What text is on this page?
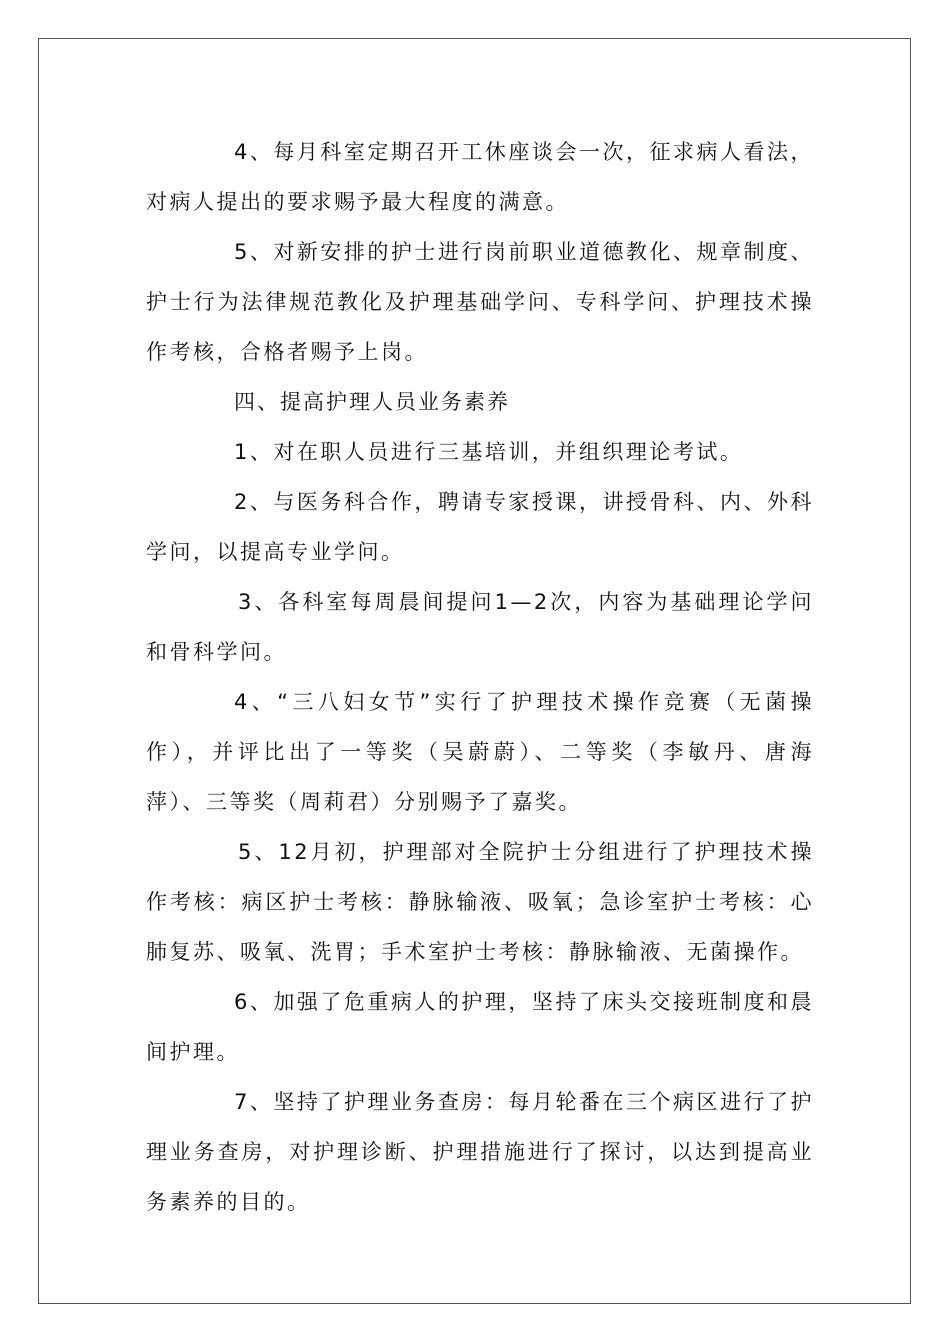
4、每月科室定期召开工休座谈会一次，征求病人看法，对病人提出的要求赐予最大程度的满意。

5、对新安排的护士进行岗前职业道德教化、规章制度、护士行为法律规范教化及护理基础学问、专科学问、护理技术操作考核，合格者赐予上岗。

四、提高护理人员业务素养

1、对在职人员进行三基培训，并组织理论考试。

2、与医务科合作，聘请专家授课，讲授骨科、内、外科学问，以提高专业学问。

3、各科室每周晨间提问1—2次，内容为基础理论学问和骨科学问。

4、“三八妇女节”实行了护理技术操作竞赛（无菌操作），并评比出了一等奖（吴蔚蔚）、二等奖（李敏丹、唐海萍）、三等奖（周莉君）分别赐予了嘉奖。

5、12月初，护理部对全院护士分组进行了护理技术操作考核：病区护士考核：静脉输液、吸氧；急诊室护士考核：心肺复苏、吸氧、洗胃；手术室护士考核：静脉输液、无菌操作。

6、加强了危重病人的护理，坚持了床头交接班制度和晨间护理。

7、坚持了护理业务查房：每月轮番在三个病区进行了护理业务查房，对护理诊断、护理措施进行了探讨，以达到提高业务素养的目的。
